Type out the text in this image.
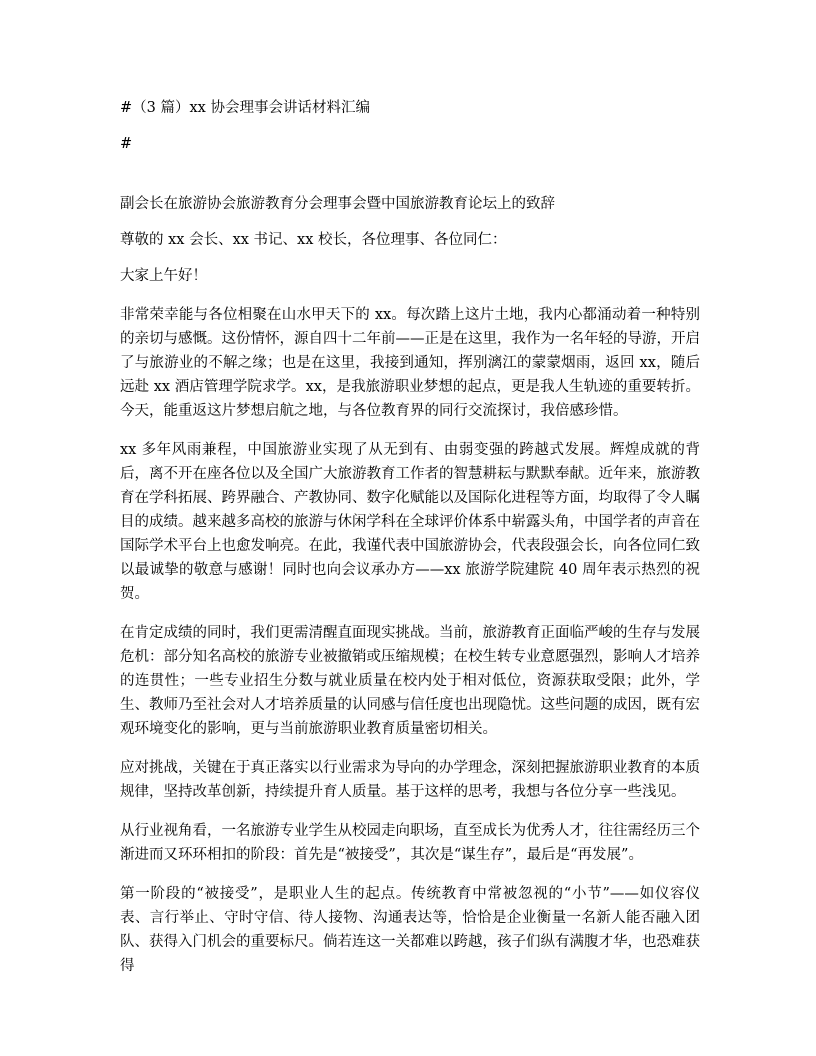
#（3 篇）xx 协会理事会讲话材料汇编

#

副会长在旅游协会旅游教育分会理事会暨中国旅游教育论坛上的致辞

尊敬的 xx 会长、xx 书记、xx 校长，各位理事、各位同仁：

大家上午好！

非常荣幸能与各位相聚在山水甲天下的 xx。每次踏上这片土地，我内心都涌动着一种特别的亲切与感慨。这份情怀，源自四十二年前——正是在这里，我作为一名年轻的导游，开启了与旅游业的不解之缘；也是在这里，我接到通知，挥别漓江的蒙蒙烟雨，返回 xx，随后远赴 xx 酒店管理学院求学。xx，是我旅游职业梦想的起点，更是我人生轨迹的重要转折。今天，能重返这片梦想启航之地，与各位教育界的同行交流探讨，我倍感珍惜。

xx 多年风雨兼程，中国旅游业实现了从无到有、由弱变强的跨越式发展。辉煌成就的背后，离不开在座各位以及全国广大旅游教育工作者的智慧耕耘与默默奉献。近年来，旅游教育在学科拓展、跨界融合、产教协同、数字化赋能以及国际化进程等方面，均取得了令人瞩目的成绩。越来越多高校的旅游与休闲学科在全球评价体系中崭露头角，中国学者的声音在国际学术平台上也愈发响亮。在此，我谨代表中国旅游协会，代表段强会长，向各位同仁致以最诚挚的敬意与感谢！同时也向会议承办方——xx 旅游学院建院 40 周年表示热烈的祝贺。

在肯定成绩的同时，我们更需清醒直面现实挑战。当前，旅游教育正面临严峻的生存与发展危机：部分知名高校的旅游专业被撤销或压缩规模；在校生转专业意愿强烈，影响人才培养的连贯性；一些专业招生分数与就业质量在校内处于相对低位，资源获取受限；此外，学生、教师乃至社会对人才培养质量的认同感与信任度也出现隐忧。这些问题的成因，既有宏观环境变化的影响，更与当前旅游职业教育质量密切相关。

应对挑战，关键在于真正落实以行业需求为导向的办学理念，深刻把握旅游职业教育的本质规律，坚持改革创新，持续提升育人质量。基于这样的思考，我想与各位分享一些浅见。

从行业视角看，一名旅游专业学生从校园走向职场，直至成长为优秀人才，往往需经历三个渐进而又环环相扣的阶段：首先是“被接受”，其次是“谋生存”，最后是“再发展”。

第一阶段的“被接受”，是职业人生的起点。传统教育中常被忽视的“小节”——如仪容仪表、言行举止、守时守信、待人接物、沟通表达等，恰恰是企业衡量一名新人能否融入团队、获得入门机会的重要标尺。倘若连这一关都难以跨越，孩子们纵有满腹才华，也恐难获得
